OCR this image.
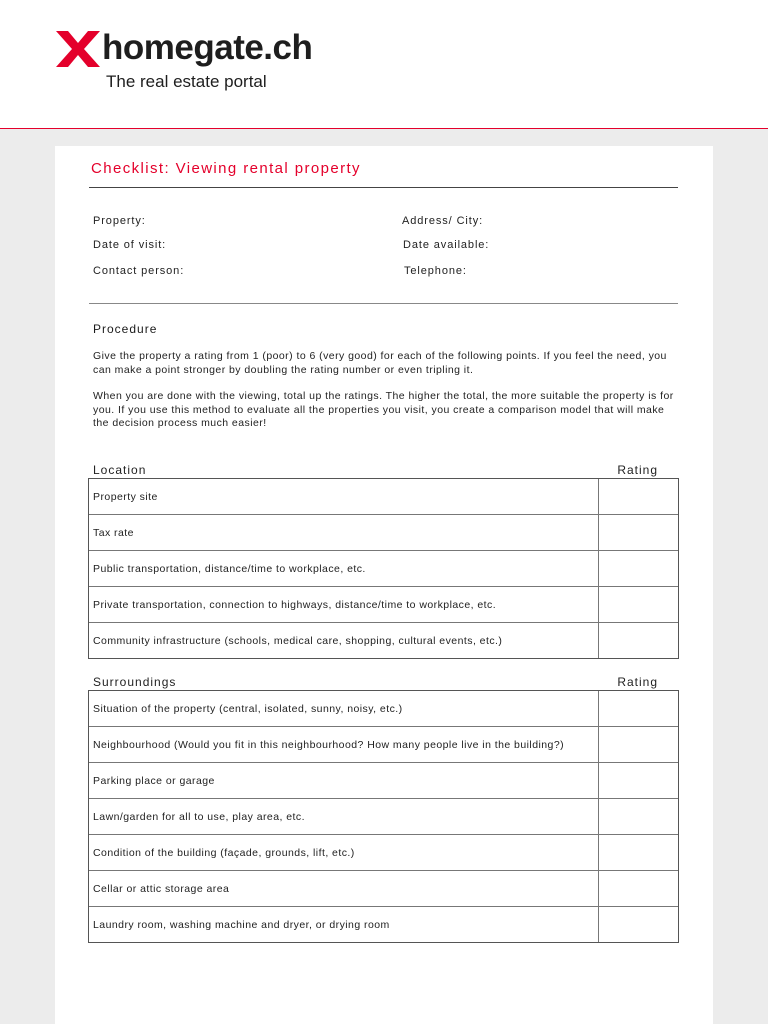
homegate.ch
The real estate portal
Checklist: Viewing rental property
Property:	Address/ City:
Date of visit:	Date available:
Contact person:	Telephone:
Procedure
Give the property a rating from 1 (poor) to 6 (very good) for each of the following points. If you feel the need, you can make a point stronger by doubling the rating number or even tripling it.
When you are done with the viewing, total up the ratings. The higher the total, the more suitable the property is for you. If you use this method to evaluate all the properties you visit, you create a comparison model that will make the decision process much easier!
Location	Rating
Property site
Tax rate
Public transportation, distance/time to workplace, etc.
Private transportation, connection to highways, distance/time to workplace, etc.
Community infrastructure (schools, medical care, shopping, cultural events, etc.)
Surroundings	Rating
Situation of the property (central, isolated, sunny, noisy, etc.)
Neighbourhood (Would you fit in this neighbourhood? How many people live in the building?)
Parking place or garage
Lawn/garden for all to use, play area, etc.
Condition of the building (façade, grounds, lift, etc.)
Cellar or attic storage area
Laundry room, washing machine and dryer, or drying room
